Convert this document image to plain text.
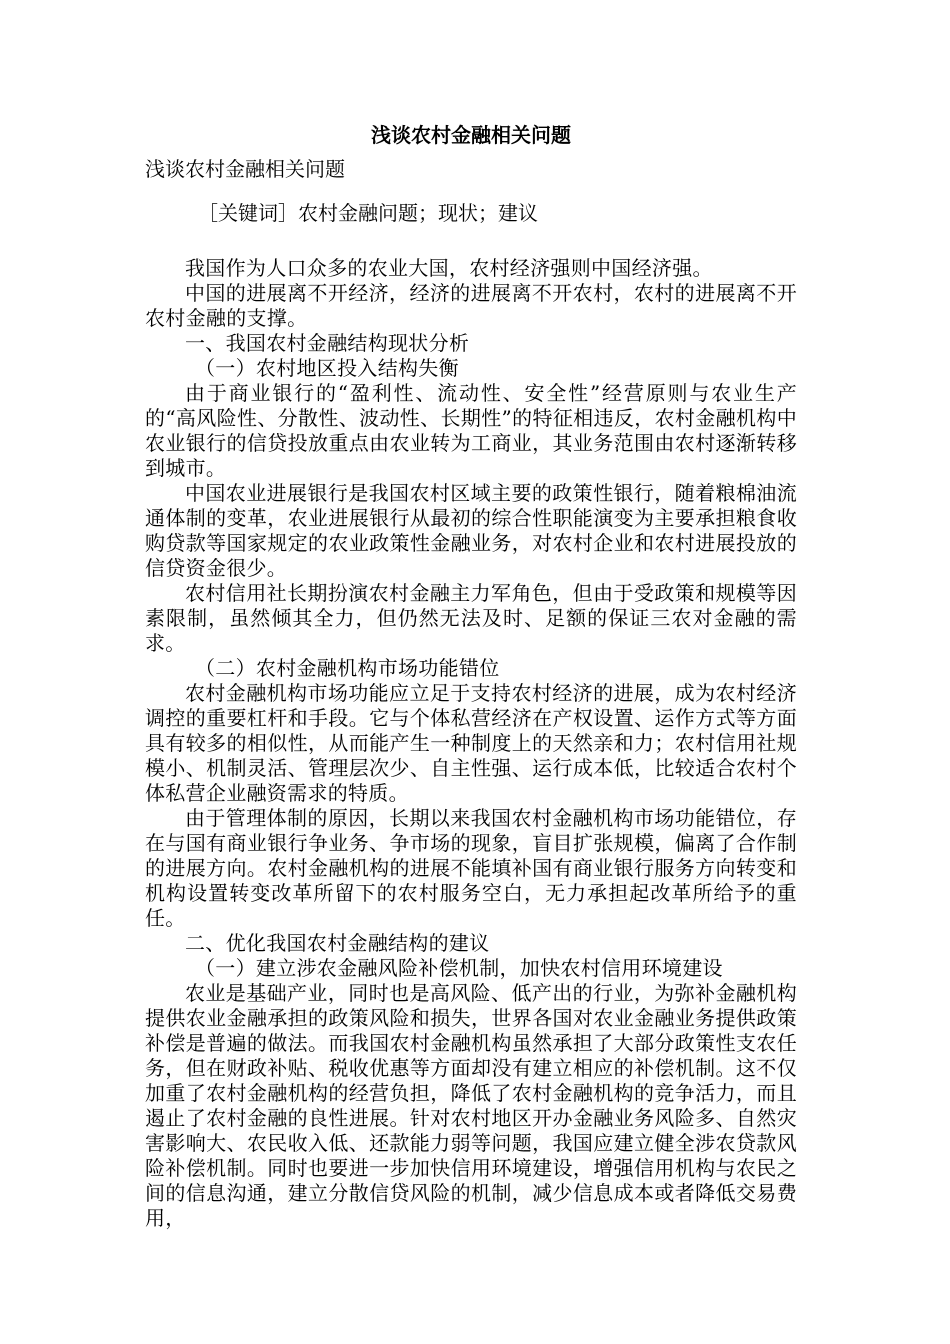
浅谈农村金融相关问题

浅谈农村金融相关问题

［关键词］农村金融问题；现状；建议

我国作为人口众多的农业大国，农村经济强则中国经济强。

中国的进展离不开经济，经济的进展离不开农村，农村的进展离不开农村金融的支撑。

一、我国农村金融结构现状分析

（一）农村地区投入结构失衡

由于商业银行的“盈利性、流动性、安全性”经营原则与农业生产的“高风险性、分散性、波动性、长期性”的特征相违反，农村金融机构中农业银行的信贷投放重点由农业转为工商业，其业务范围由农村逐渐转移到城市。

中国农业进展银行是我国农村区域主要的政策性银行，随着粮棉油流通体制的变革，农业进展银行从最初的综合性职能演变为主要承担粮食收购贷款等国家规定的农业政策性金融业务，对农村企业和农村进展投放的信贷资金很少。

农村信用社长期扮演农村金融主力军角色，但由于受政策和规模等因素限制，虽然倾其全力，但仍然无法及时、足额的保证三农对金融的需求。

（二）农村金融机构市场功能错位

农村金融机构市场功能应立足于支持农村经济的进展，成为农村经济调控的重要杠杆和手段。它与个体私营经济在产权设置、运作方式等方面具有较多的相似性，从而能产生一种制度上的天然亲和力；农村信用社规模小、机制灵活、管理层次少、自主性强、运行成本低，比较适合农村个体私营企业融资需求的特质。

由于管理体制的原因，长期以来我国农村金融机构市场功能错位，存在与国有商业银行争业务、争市场的现象，盲目扩张规模，偏离了合作制的进展方向。农村金融机构的进展不能填补国有商业银行服务方向转变和机构设置转变改革所留下的农村服务空白，无力承担起改革所给予的重任。

二、优化我国农村金融结构的建议

（一）建立涉农金融风险补偿机制，加快农村信用环境建设

农业是基础产业，同时也是高风险、低产出的行业，为弥补金融机构提供农业金融承担的政策风险和损失，世界各国对农业金融业务提供政策补偿是普遍的做法。而我国农村金融机构虽然承担了大部分政策性支农任务，但在财政补贴、税收优惠等方面却没有建立相应的补偿机制。这不仅加重了农村金融机构的经营负担，降低了农村金融机构的竞争活力，而且遏止了农村金融的良性进展。针对农村地区开办金融业务风险多、自然灾害影响大、农民收入低、还款能力弱等问题，我国应建立健全涉农贷款风险补偿机制。同时也要进一步加快信用环境建设，增强信用机构与农民之间的信息沟通，建立分散信贷风险的机制，减少信息成本或者降低交易费用，
